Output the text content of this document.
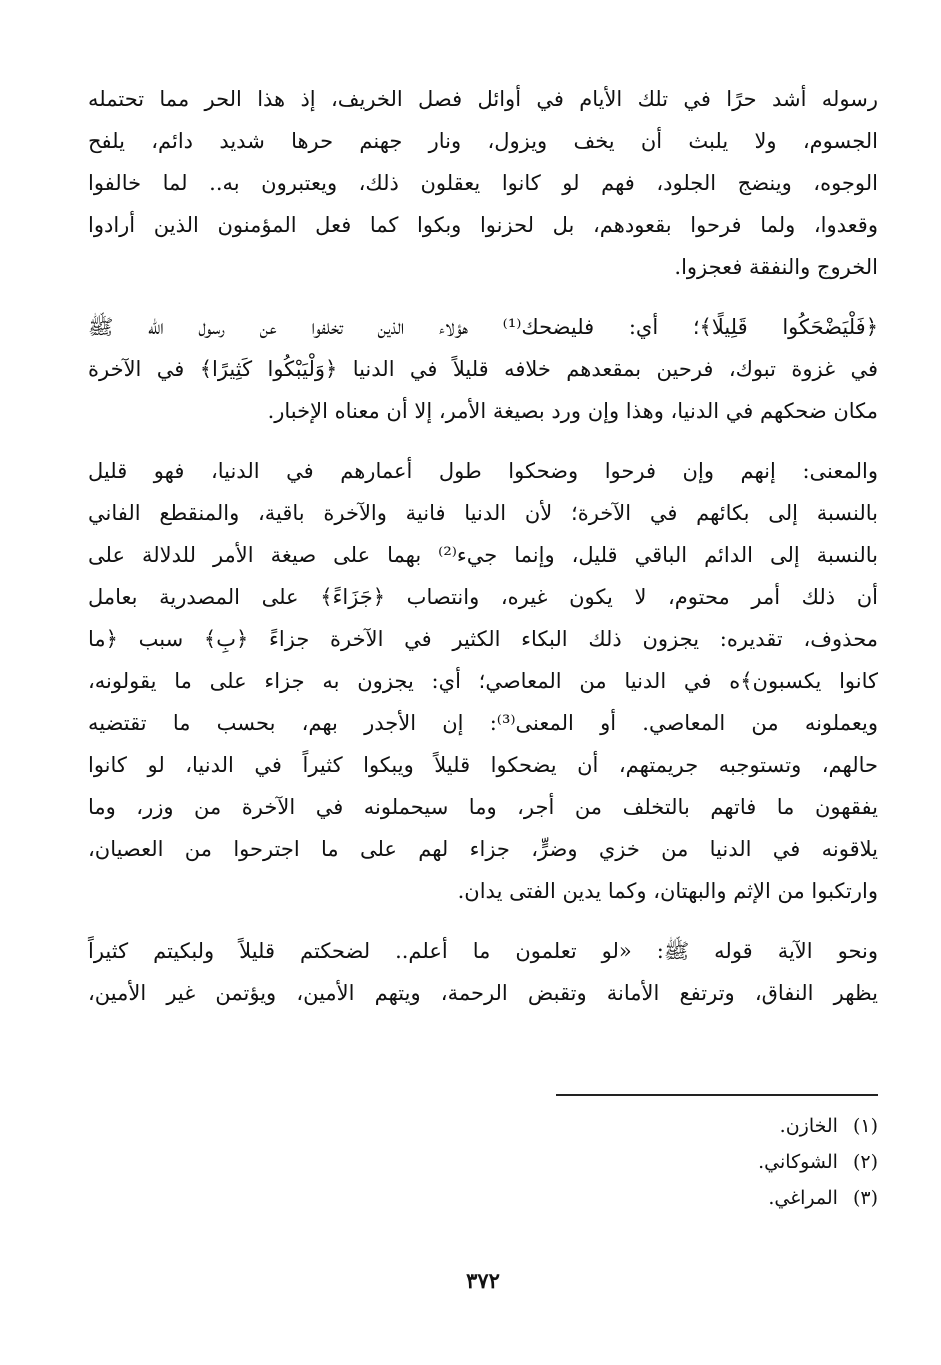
رسوله أشد حرًا في تلك الأيام في أوائل فصل الخريف، إذ هذا الحر مما تحتمله
الجسوم، ولا يلبث أن يخف ويزول، ونار جهنم حرها شديد دائم، يلفح
الوجوه، وينضج الجلود، فهم لو كانوا يعقلون ذلك، ويعتبرون به.. لما خالفوا
وقعدوا، ولما فرحوا بقعودهم، بل لحزنوا وبكوا كما فعل المؤمنون الذين أرادوا
الخروج والنفقة فعجزوا.

﴿فَلْيَضْحَكُوا قَلِيلًا﴾؛ أي: فليضحك⁽¹⁾ هؤلاء الذين تخلفوا عن رسول الله ﷺ
في غزوة تبوك، فرحين بمقعدهم خلافه قليلاً في الدنيا ﴿وَلْيَبْكُوا كَثِيرًا﴾ في الآخرة
مكان ضحكهم في الدنيا، وهذا وإن ورد بصيغة الأمر، إلا أن معناه الإخبار.

والمعنى: إنهم وإن فرحوا وضحكوا طول أعمارهم في الدنيا، فهو قليل
بالنسبة إلى بكائهم في الآخرة؛ لأن الدنيا فانية والآخرة باقية، والمنقطع الفاني
بالنسبة إلى الدائم الباقي قليل، وإنما جيء⁽²⁾ بهما على صيغة الأمر للدلالة على
أن ذلك أمر محتوم، لا يكون غيره، وانتصاب ﴿جَزَاءً﴾ على المصدرية بعامل
محذوف، تقديره: يجزون ذلك البكاء الكثير في الآخرة جزاءً ﴿بِ﴾ سبب ﴿ما
كانوا يكسبون﴾ه في الدنيا من المعاصي؛ أي: يجزون به جزاء على ما يقولونه،
ويعملونه من المعاصي. أو المعنى⁽³⁾: إن الأجدر بهم، بحسب ما تقتضيه
حالهم، وتستوجبه جريمتهم، أن يضحكوا قليلاً ويبكوا كثيراً في الدنيا، لو كانوا
يفقهون ما فاتهم بالتخلف من أجر، وما سيحملونه في الآخرة من وزر، وما
يلاقونه في الدنيا من خزي وضرٍّ، جزاء لهم على ما اجترحوا من العصيان،
وارتكبوا من الإثم والبهتان، وكما يدين الفتى يدان.

ونحو الآية قوله ﷺ: «لو تعلمون ما أعلم.. لضحكتم قليلاً ولبكيتم كثيراً
يظهر النفاق، وترتفع الأمانة وتقبض الرحمة، ويتهم الأمين، ويؤتمن غير الأمين،

(١) الخازن.
(٢) الشوكاني.
(٣) المراغي.
٣٧٢
